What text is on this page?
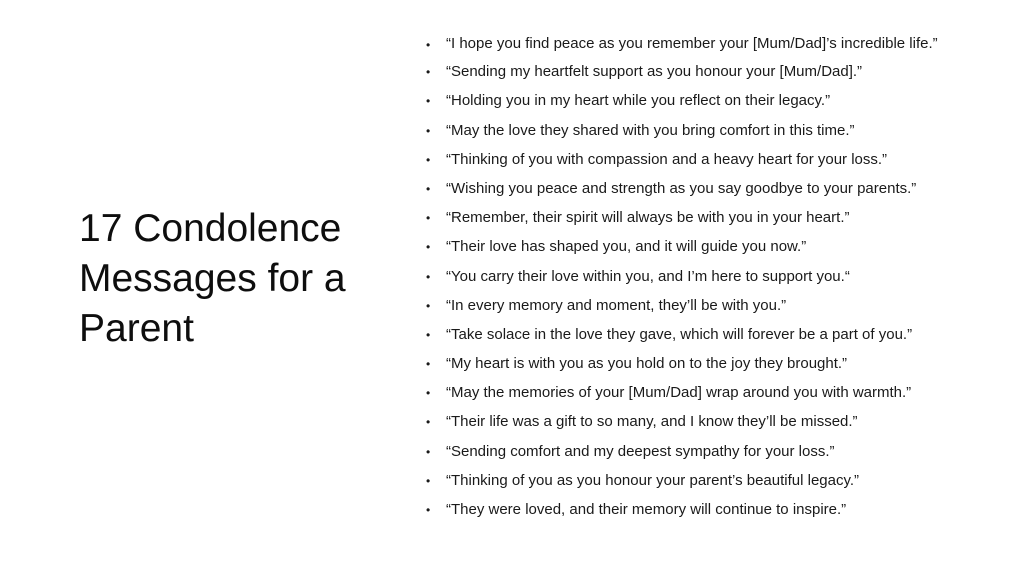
17 Condolence
Messages for a
Parent
•	“I hope you find peace as you remember your [Mum/Dad]’s incredible life.”
•	“Sending my heartfelt support as you honour your [Mum/Dad].”
•	“Holding you in my heart while you reflect on their legacy.”
•	“May the love they shared with you bring comfort in this time.”
•	“Thinking of you with compassion and a heavy heart for your loss.”
•	“Wishing you peace and strength as you say goodbye to your parents.”
•	“Remember, their spirit will always be with you in your heart.”
•	“Their love has shaped you, and it will guide you now.”
•	“You carry their love within you, and I’m here to support you.“
•	“In every memory and moment, they’ll be with you.”
•	“Take solace in the love they gave, which will forever be a part of you.”
•	“My heart is with you as you hold on to the joy they brought.”
•	“May the memories of your [Mum/Dad] wrap around you with warmth.”
•	“Their life was a gift to so many, and I know they’ll be missed.”
•	“Sending comfort and my deepest sympathy for your loss.”
•	“Thinking of you as you honour your parent’s beautiful legacy.”
•	“They were loved, and their memory will continue to inspire.”
